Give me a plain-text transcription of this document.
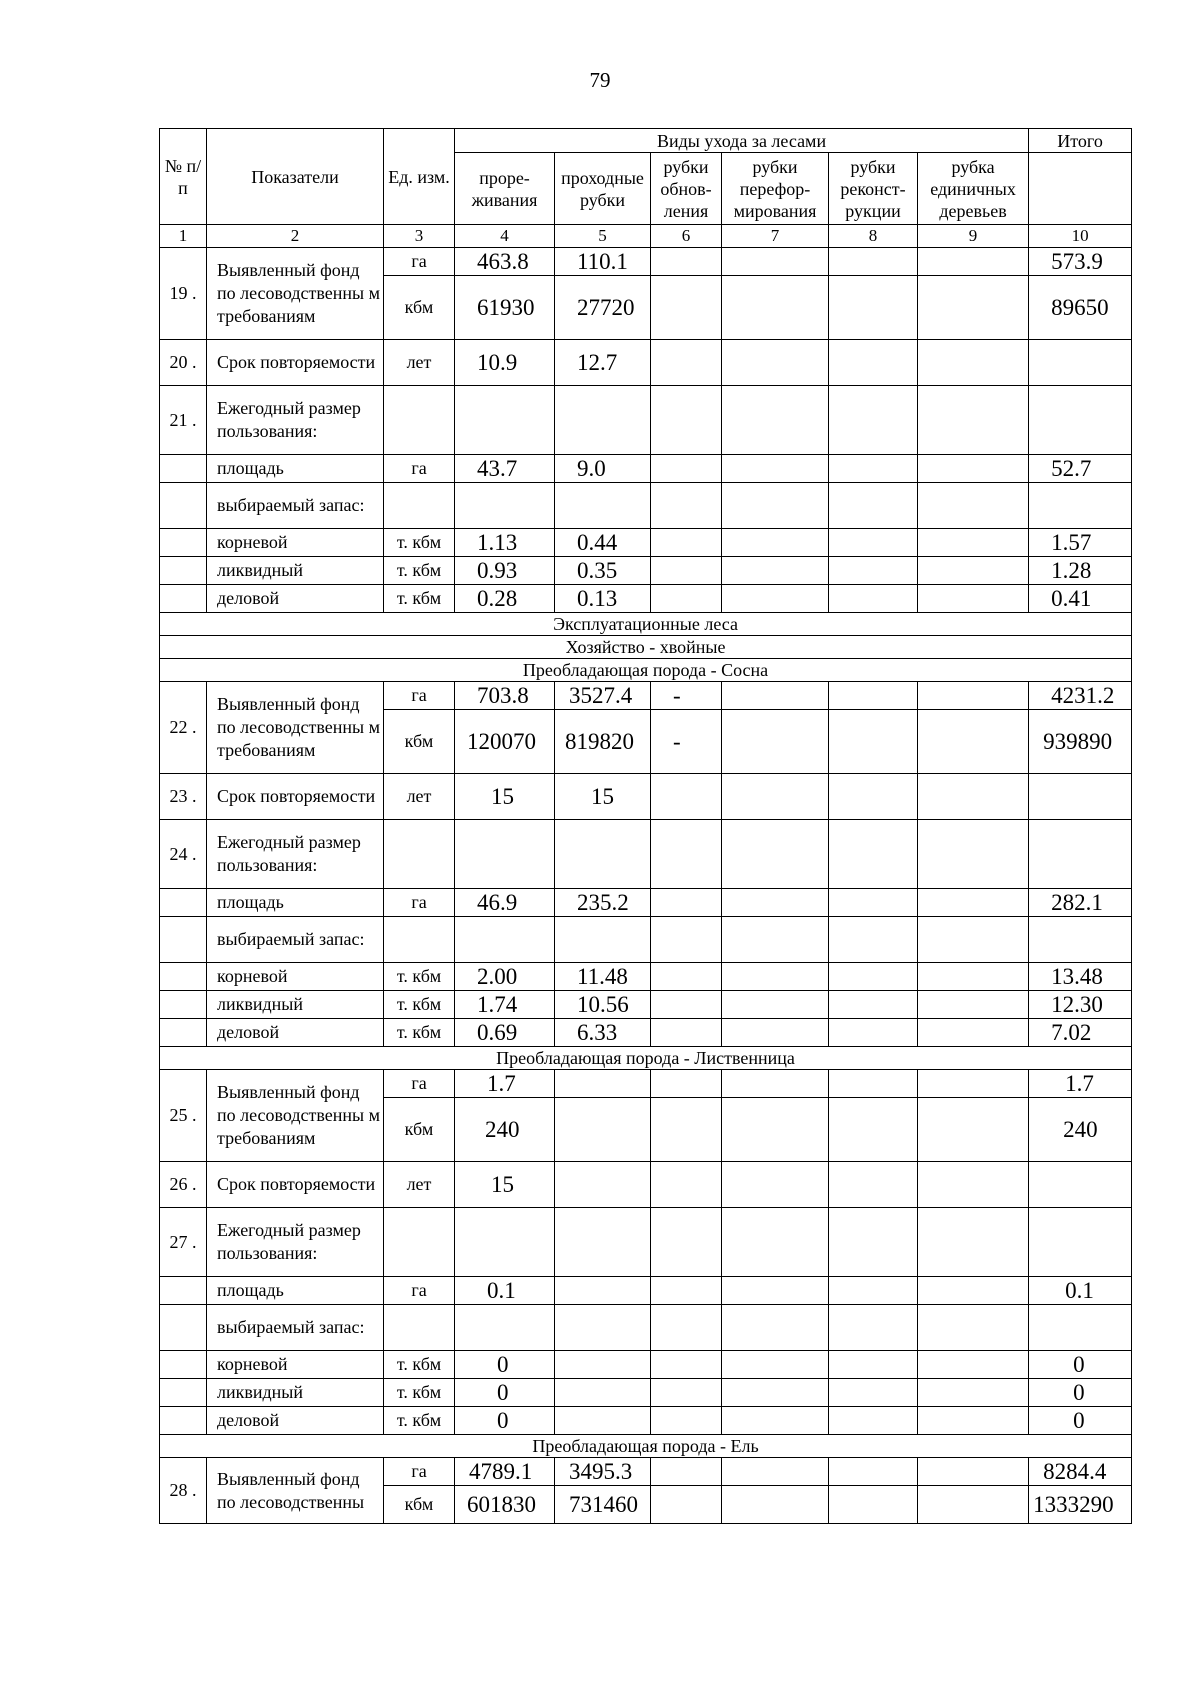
79
№ п/п	Показатели	Ед. изм.	Виды ухода за лесами						Итого
			проре-живания	проходные рубки	рубки обнов-ления	рубки перефор-мирования	рубки реконст-рукции	рубка единичных деревьев	
1	2	3	4	5	6	7	8	9	10
19 .	Выявленный фонд по лесоводственны м требованиям	га	463.8	110.1					573.9
		кбм	61930	27720					89650
20 .	Срок повторяемости	лет	10.9	12.7					
21 .	Ежегодный размер пользования:								
	площадь	га	43.7	9.0					52.7
	выбираемый запас:								
	корневой	т. кбм	1.13	0.44					1.57
	ликвидный	т. кбм	0.93	0.35					1.28
	деловой	т. кбм	0.28	0.13					0.41
Эксплуатационные леса									
Хозяйство - хвойные									
Преобладающая порода - Сосна									
22 .	Выявленный фонд по лесоводственны м требованиям	га	703.8	3527.4	-				4231.2
		кбм	120070	819820	-				939890
23 .	Срок повторяемости	лет	15	15					
24 .	Ежегодный размер пользования:								
	площадь	га	46.9	235.2					282.1
	выбираемый запас:								
	корневой	т. кбм	2.00	11.48					13.48
	ликвидный	т. кбм	1.74	10.56					12.30
	деловой	т. кбм	0.69	6.33					7.02
Преобладающая порода - Лиственница									
25 .	Выявленный фонд по лесоводственны м требованиям	га	1.7						1.7
		кбм	240						240
26 .	Срок повторяемости	лет	15						
27 .	Ежегодный размер пользования:								
	площадь	га	0.1						0.1
	выбираемый запас:								
	корневой	т. кбм	0						0
	ликвидный	т. кбм	0						0
	деловой	т. кбм	0						0
Преобладающая порода - Ель									
28 .	Выявленный фонд по лесоводственны	га	4789.1	3495.3					8284.4
		кбм	601830	731460					1333290
